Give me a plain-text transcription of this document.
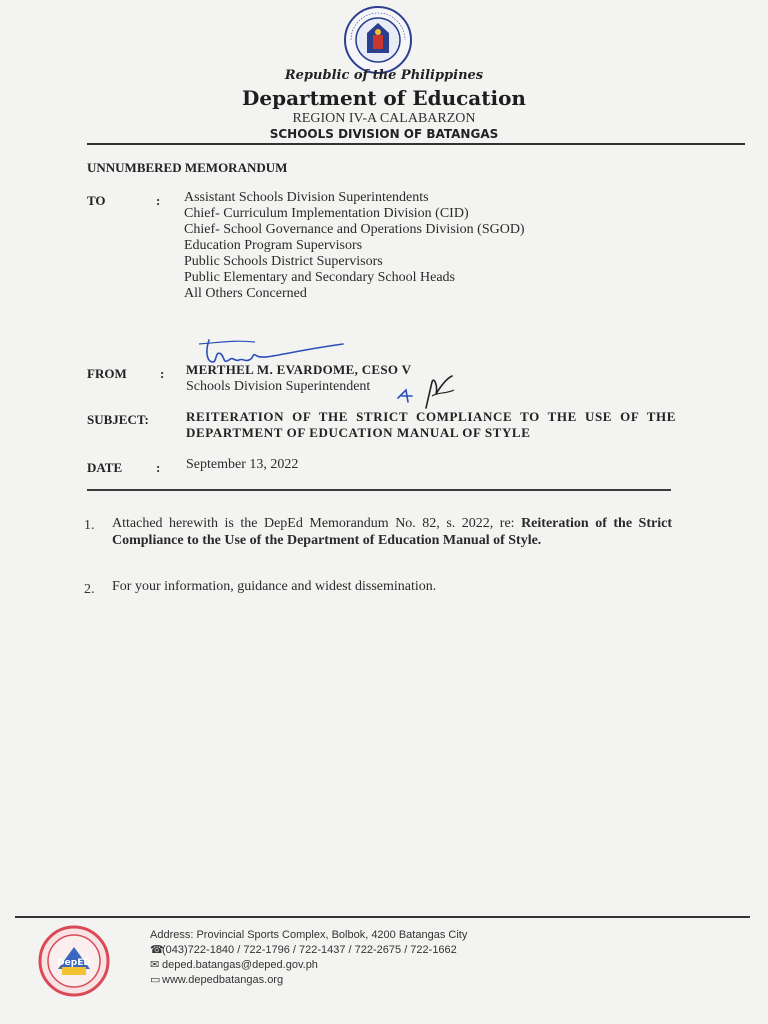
Republic of the Philippines
Department of Education
REGION IV-A CALABARZON
SCHOOLS DIVISION OF BATANGAS
UNNUMBERED MEMORANDUM
TO	: Assistant Schools Division Superintendents
Chief- Curriculum Implementation Division (CID)
Chief- School Governance and Operations Division (SGOD)
Education Program Supervisors
Public Schools District Supervisors
Public Elementary and Secondary School Heads
All Others Concerned
FROM	: MERTHEL M. EVARDOME, CESO V
Schools Division Superintendent
SUBJECT:	REITERATION OF THE STRICT COMPLIANCE TO THE USE OF THE DEPARTMENT OF EDUCATION MANUAL OF STYLE
DATE	: September 13, 2022
1. Attached herewith is the DepEd Memorandum No. 82, s. 2022, re: Reiteration of the Strict Compliance to the Use of the Department of Education Manual of Style.
2. For your information, guidance and widest dissemination.
DepED
Address: Provincial Sports Complex, Bolbok, 4200 Batangas City
☎(043)722-1840 / 722-1796 / 722-1437 / 722-2675 / 722-1662
✉ deped.batangas@deped.gov.ph
▭ www.depedbatangas.org
